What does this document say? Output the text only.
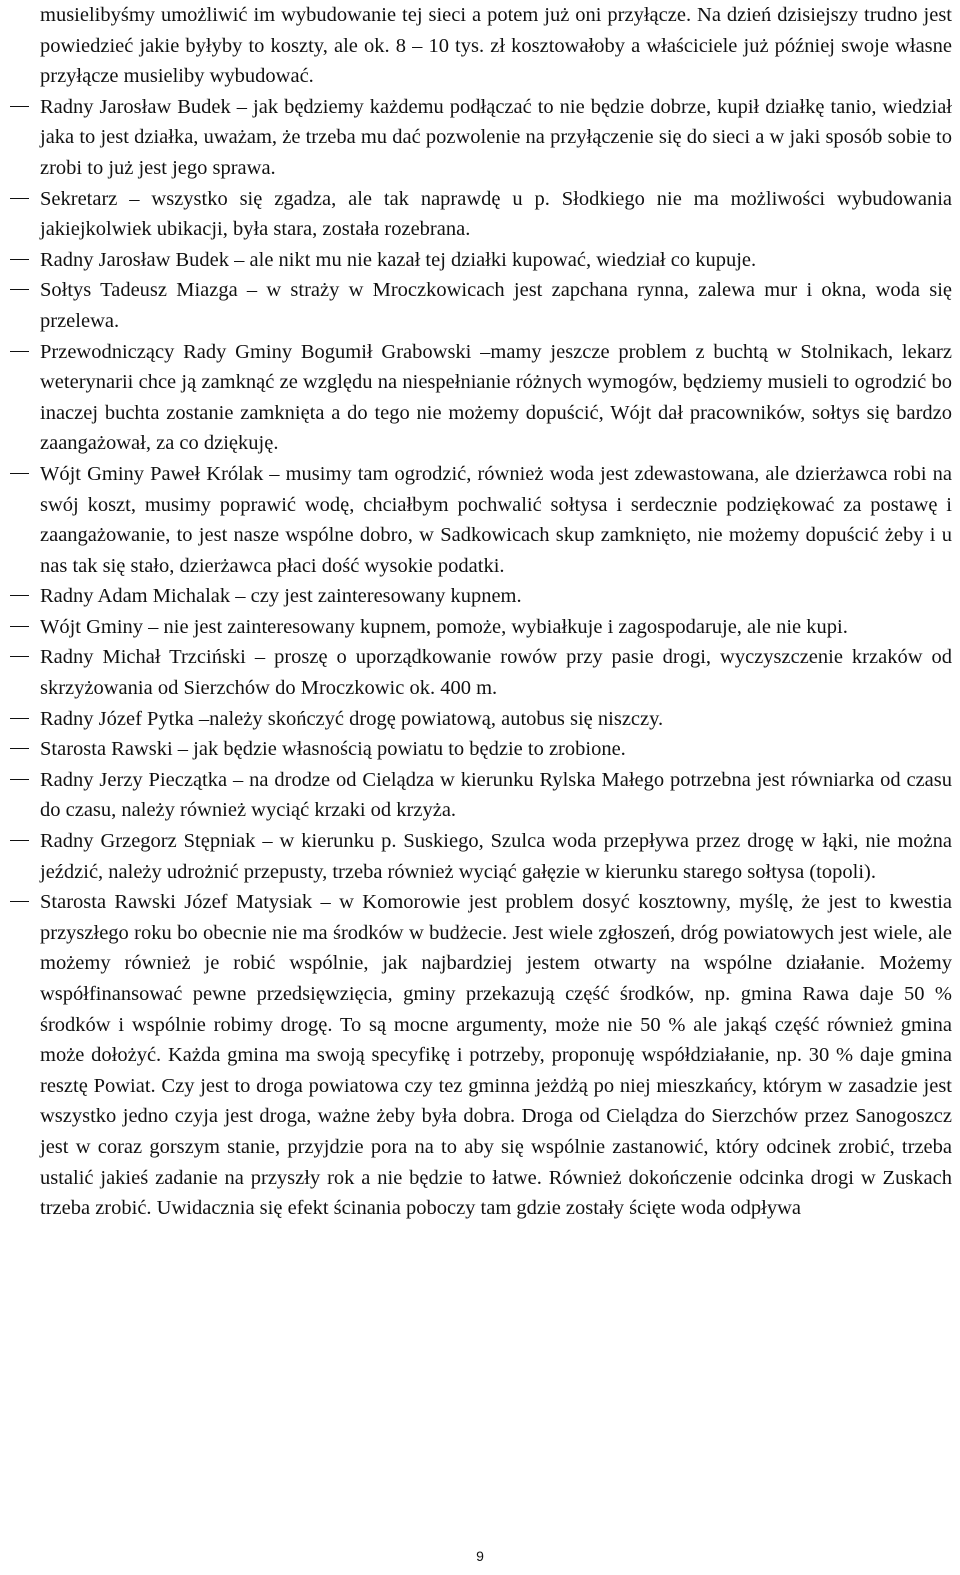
musielibyśmy umożliwić im wybudowanie tej sieci a potem już oni przyłącze. Na dzień dzisiejszy trudno jest powiedzieć jakie byłyby to koszty, ale ok. 8 – 10 tys. zł kosztowałoby a właściciele już później swoje własne przyłącze musieliby wybudować.

Radny Jarosław Budek – jak będziemy każdemu podłączać to nie będzie dobrze, kupił działkę tanio, wiedział jaka to jest działka, uważam, że trzeba mu dać pozwolenie na przyłączenie się do sieci a w jaki sposób sobie to zrobi to już jest jego sprawa.
Sekretarz – wszystko się zgadza, ale tak naprawdę u p. Słodkiego nie ma możliwości wybudowania jakiejkolwiek ubikacji, była stara, została rozebrana.
Radny Jarosław Budek – ale nikt mu nie kazał tej działki kupować, wiedział co kupuje.
Sołtys Tadeusz Miazga – w straży w Mroczkowicach jest zapchana rynna, zalewa mur i okna, woda się przelewa.
Przewodniczący Rady Gminy Bogumił Grabowski –mamy jeszcze problem z buchtą w Stolnikach, lekarz weterynarii chce ją zamknąć ze względu na niespełnianie różnych wymogów, będziemy musieli to ogrodzić bo inaczej buchta zostanie zamknięta a do tego nie możemy dopuścić, Wójt dał pracowników, sołtys się bardzo zaangażował, za co dziękuję.
Wójt Gminy Paweł Królak – musimy tam ogrodzić, również woda jest zdewastowana, ale dzierżawca robi na swój koszt, musimy poprawić wodę, chciałbym pochwalić sołtysa i serdecznie podziękować za postawę i zaangażowanie, to jest nasze wspólne dobro, w Sadkowicach skup zamknięto, nie możemy dopuścić żeby i u nas tak się stało, dzierżawca płaci dość wysokie podatki.
Radny Adam Michalak – czy jest zainteresowany kupnem.
Wójt Gminy – nie jest zainteresowany kupnem, pomoże, wybiałkuje i zagospodaruje, ale nie kupi.
Radny Michał Trzciński – proszę o uporządkowanie rowów przy pasie drogi, wyczyszczenie krzaków od skrzyżowania od Sierzchów do Mroczkowic ok. 400 m.
Radny Józef Pytka –należy skończyć drogę powiatową, autobus się niszczy.
Starosta Rawski – jak będzie własnością powiatu to będzie to zrobione.
Radny Jerzy Pieczątka – na drodze od Cielądza w kierunku Rylska Małego potrzebna jest równiarka od czasu do czasu, należy również wyciąć krzaki od krzyża.
Radny Grzegorz Stępniak – w kierunku p. Suskiego, Szulca woda przepływa przez drogę w łąki, nie można jeździć, należy udrożnić przepusty, trzeba również wyciąć gałęzie w kierunku starego sołtysa (topoli).
Starosta Rawski Józef Matysiak – w Komorowie jest problem dosyć kosztowny, myślę, że jest to kwestia przyszłego roku bo obecnie nie ma środków w budżecie. Jest wiele zgłoszeń, dróg powiatowych jest wiele, ale możemy również je robić wspólnie, jak najbardziej jestem otwarty na wspólne działanie. Możemy współfinansować pewne przedsięwzięcia, gminy przekazują część środków, np. gmina Rawa daje 50 % środków i wspólnie robimy drogę. To są mocne argumenty, może nie 50 % ale jakąś część również gmina może dołożyć. Każda gmina ma swoją specyfikę i potrzeby, proponuję współdziałanie, np. 30 % daje gmina resztę Powiat. Czy jest to droga powiatowa czy tez gminna jeżdżą po niej mieszkańcy, którym w zasadzie jest wszystko jedno czyja jest droga, ważne żeby była dobra. Droga od Cielądza do Sierzchów przez Sanogoszcz jest w coraz gorszym stanie, przyjdzie pora na to aby się wspólnie zastanowić, który odcinek zrobić, trzeba ustalić jakieś zadanie na przyszły rok a nie będzie to łatwe. Również dokończenie odcinka drogi w Zuskach trzeba zrobić. Uwidacznia się efekt ścinania poboczy tam gdzie zostały ścięte woda odpływa
9
